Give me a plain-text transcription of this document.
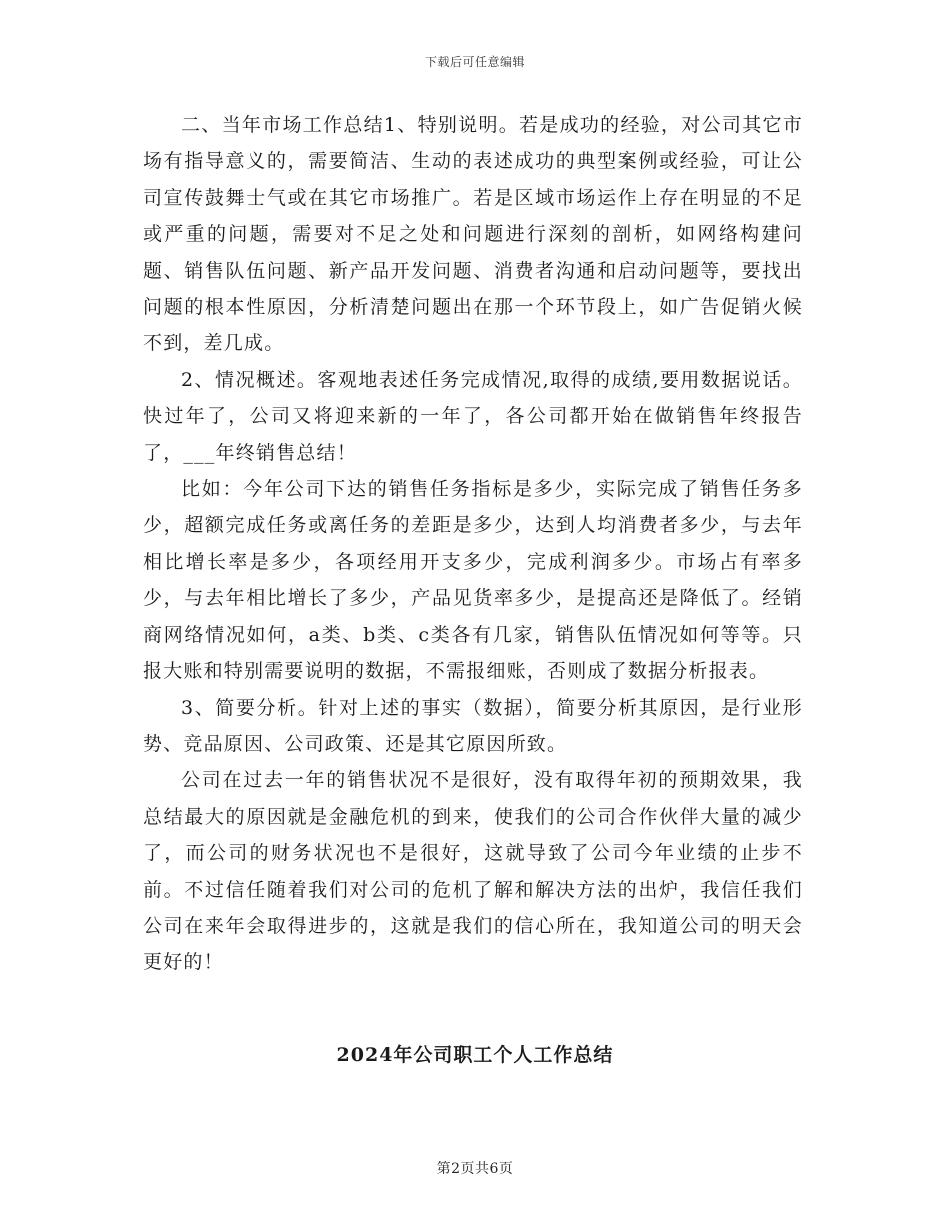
下载后可任意编辑

二、当年市场工作总结1、特别说明。若是成功的经验，对公司其它市场有指导意义的，需要简洁、生动的表述成功的典型案例或经验，可让公司宣传鼓舞士气或在其它市场推广。若是区域市场运作上存在明显的不足或严重的问题，需要对不足之处和问题进行深刻的剖析，如网络构建问题、销售队伍问题、新产品开发问题、消费者沟通和启动问题等，要找出问题的根本性原因，分析清楚问题出在那一个环节段上，如广告促销火候不到，差几成。

2、情况概述。客观地表述任务完成情况,取得的成绩,要用数据说话。快过年了，公司又将迎来新的一年了，各公司都开始在做销售年终报告了，___年终销售总结！

比如：今年公司下达的销售任务指标是多少，实际完成了销售任务多少，超额完成任务或离任务的差距是多少，达到人均消费者多少，与去年相比增长率是多少，各项经用开支多少，完成利润多少。市场占有率多少，与去年相比增长了多少，产品见货率多少，是提高还是降低了。经销商网络情况如何，a类、b类、c类各有几家，销售队伍情况如何等等。只报大账和特别需要说明的数据，不需报细账，否则成了数据分析报表。

3、简要分析。针对上述的事实（数据），简要分析其原因，是行业形势、竞品原因、公司政策、还是其它原因所致。

公司在过去一年的销售状况不是很好，没有取得年初的预期效果，我总结最大的原因就是金融危机的到来，使我们的公司合作伙伴大量的减少了，而公司的财务状况也不是很好，这就导致了公司今年业绩的止步不前。不过信任随着我们对公司的危机了解和解决方法的出炉，我信任我们公司在来年会取得进步的，这就是我们的信心所在，我知道公司的明天会更好的！

2024年公司职工个人工作总结
第2页共6页
